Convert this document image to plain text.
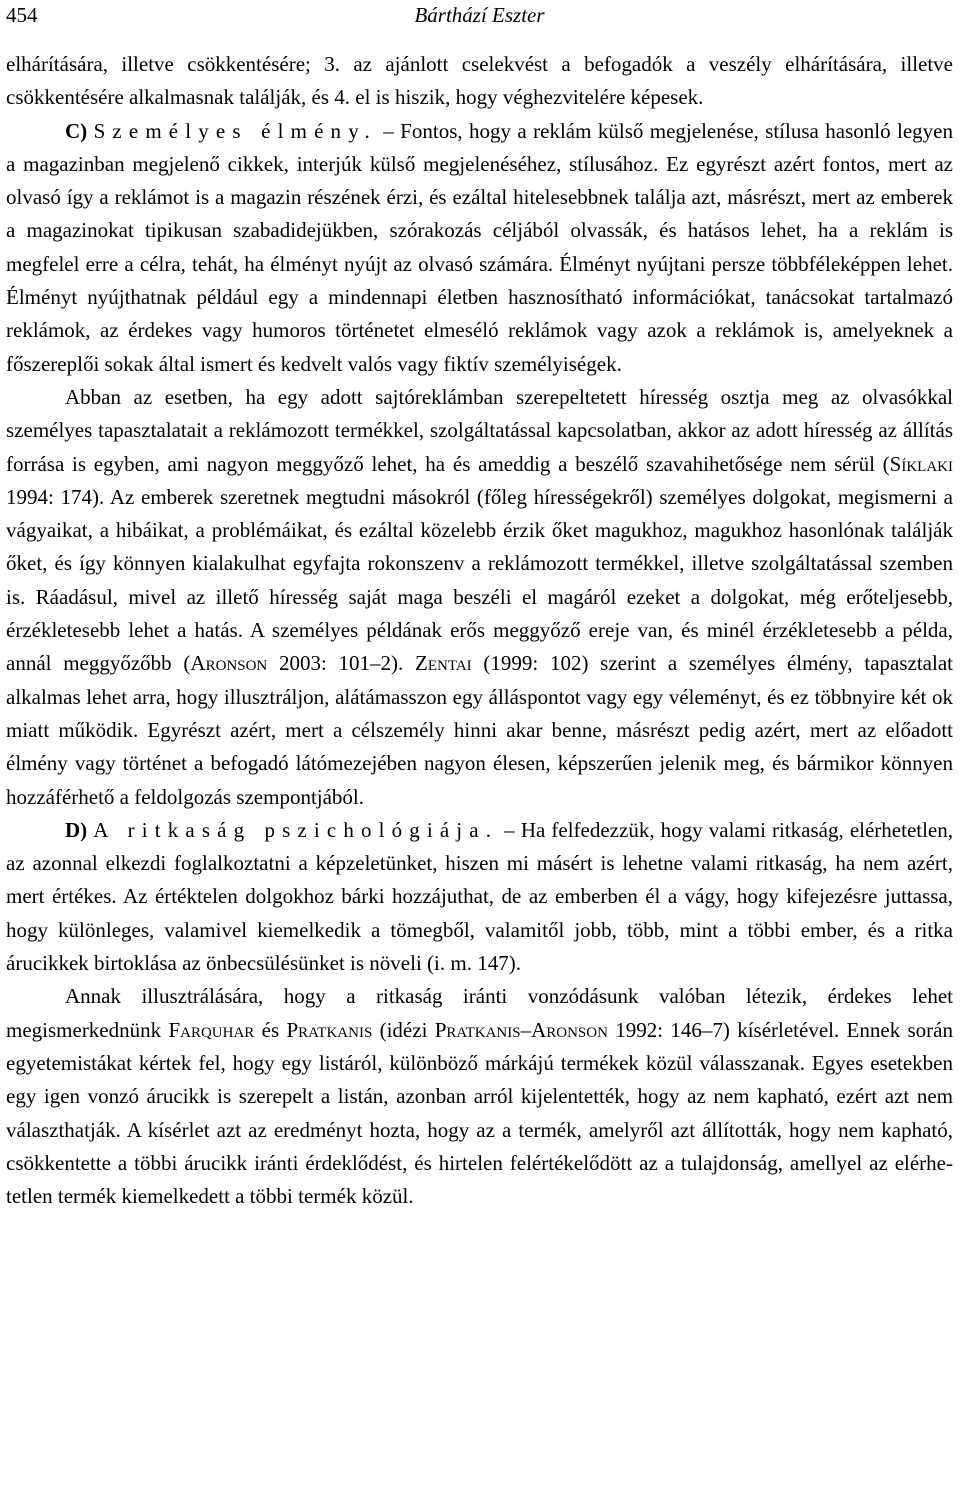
454	Bárthází Eszter

elhárítására, illetve csökkentésére; 3. az ajánlott cselekvést a befogadók a veszély elhárítására, illetve csökkentésére alkalmasnak találják, és 4. el is hiszik, hogy véghezvitelére képesek.

C) Személyes élmény. – Fontos, hogy a reklám külső megjelenése, stílusa hasonló legyen a magazinban megjelenő cikkek, interjúk külső megjelenéséhez, stílusához. Ez egyrészt azért fontos, mert az olvasó így a reklámot is a magazin részének érzi, és ezáltal hitelesebbnek találja azt, másrészt, mert az emberek a magazinokat tipikusan szabadidejükben, szórakozás céljából olvassák, és hatásos lehet, ha a reklám is megfelel erre a célra, tehát, ha élményt nyújt az olvasó számára. Élményt nyújtani persze többféleképpen lehet. Élményt nyújthatnak például egy a mindennapi életben hasznosítható információkat, tanácsokat tartalmazó reklámok, az érdekes vagy humoros történetet elmeséló reklámok vagy azok a reklámok is, amelyeknek a főszereplői sokak által ismert és kedvelt valós vagy fiktív személyiségek.

Abban az esetben, ha egy adott sajtóreklámban szerepeltetett híresség osztja meg az olvasókkal személyes tapasztalatait a reklámozott termékkel, szolgáltatással kapcsolatban, akkor az adott híresség az állítás forrása is egyben, ami nagyon meggyőző lehet, ha és ameddig a beszélő szavahihetősége nem sérül (Síklaki 1994: 174). Az emberek szeretnek megtudni másokról (főleg hírességekről) személyes dolgokat, megismerni a vágyaikat, a hibáikat, a problémáikat, és ezáltal közelebb érzik őket magukhoz, magukhoz hasonlónak találják őket, és így könnyen kialakulhat egyfajta rokonszenv a reklámozott termékkel, illetve szolgáltatással szemben is. Ráadásul, mivel az illető híresség saját maga beszéli el magáról ezeket a dolgokat, még erőteljesebb, érzékletesebb lehet a hatás. A személyes példának erős meggyőző ereje van, és minél érzékletesebb a példa, annál meggyőzőbb (Aronson 2003: 101–2). Zentai (1999: 102) szerint a személyes élmény, tapasztalat alkalmas lehet arra, hogy illusztráljon, alátámasszon egy álláspontot vagy egy véleményt, és ez többnyire két ok miatt működik. Egyrészt azért, mert a célszemély hinni akar benne, másrészt pedig azért, mert az előadott élmény vagy történet a befogadó látómezejében nagyon élesen, képszerűen jelenik meg, és bármikor könnyen hozzáférhető a feldolgozás szempontjából.

D) A ritkaság pszichológiája. – Ha felfedezzük, hogy valami ritkaság, elérhetetlen, az azonnal elkezdi foglalkoztatni a képzeletünket, hiszen mi másért is lehetne valami ritkaság, ha nem azért, mert értékes. Az értéktelen dolgokhoz bárki hozzájuthat, de az emberben él a vágy, hogy kifejezésre juttassa, hogy különleges, valamivel kiemelkedik a tömegből, valamitől jobb, több, mint a többi ember, és a ritka árucikkek birtoklása az önbecsülésünket is növeli (i. m. 147).

Annak illusztrálására, hogy a ritkaság iránti vonzódásunk valóban létezik, érdekes lehet megismerkednünk Farquhar és Pratkanis (idézi Pratkanis–Aronson 1992: 146–7) kísérletével. Ennek során egyetemistákat kértek fel, hogy egy listáról, különböző márkájú termékek közül válasszanak. Egyes esetekben egy igen vonzó árucikk is szerepelt a listán, azonban arról kijelentették, hogy az nem kapható, ezért azt nem választhatják. A kísérlet azt az eredményt hozta, hogy az a termék, amelyről azt állították, hogy nem kapható, csökkentette a többi árucikk iránti érdeklődést, és hirtelen felértékelődött az a tulajdonság, amellyel az elérhetetlen termék kiemelkedett a többi termék közül.
